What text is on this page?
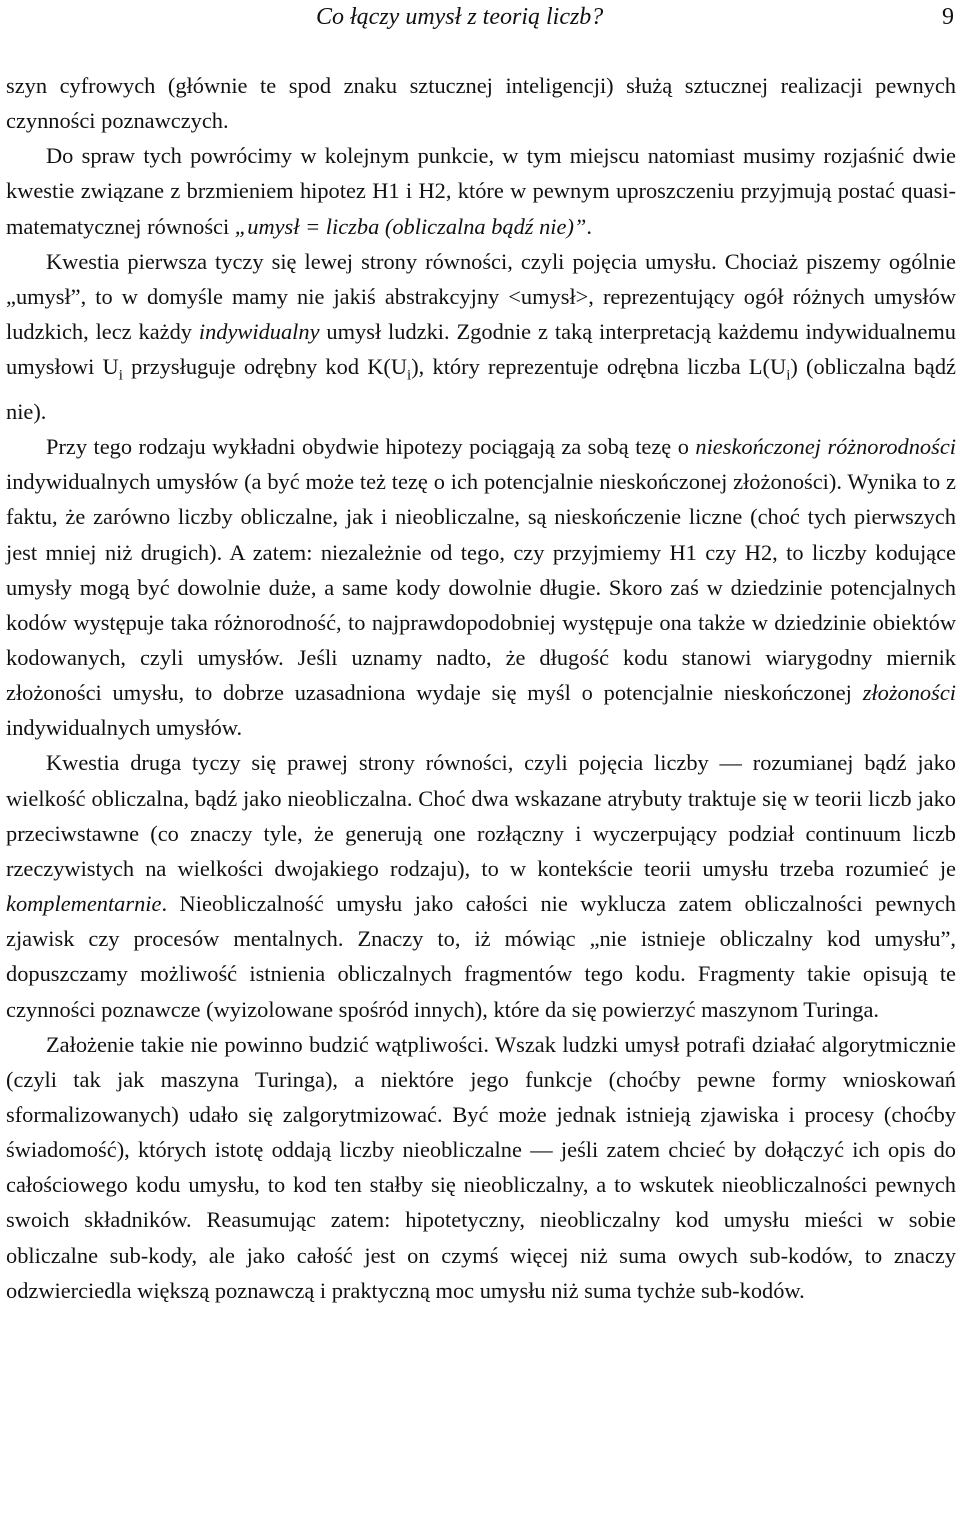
Co łączy umysł z teorią liczb?	9

szyn cyfrowych (głównie te spod znaku sztucznej inteligencji) służą sztucznej realizacji pewnych czynności poznawczych.

Do spraw tych powrócimy w kolejnym punkcie, w tym miejscu natomiast musimy rozjaśnić dwie kwestie związane z brzmieniem hipotez H1 i H2, które w pewnym uproszczeniu przyjmują postać quasi-matematycznej równości „umysł = liczba (obliczalna bądź nie)”.

Kwestia pierwsza tyczy się lewej strony równości, czyli pojęcia umysłu. Chociaż piszemy ogólnie „umysł”, to w domyśle mamy nie jakiś abstrakcyjny <umysł>, reprezentujący ogół różnych umysłów ludzkich, lecz każdy indywidualny umysł ludzki. Zgodnie z taką interpretacją każdemu indywidualnemu umysłowi $U_i$ przysługuje odrębny kod $K(U_i)$, który reprezentuje odrębna liczba $L(U_i)$ (obliczalna bądź nie).

Przy tego rodzaju wykładni obydwie hipotezy pociągają za sobą tezę o nieskończonej różnorodności indywidualnych umysłów (a być może też tezę o ich potencjalnie nieskończonej złożoności). Wynika to z faktu, że zarówno liczby obliczalne, jak i nieobliczalne, są nieskończenie liczne (choć tych pierwszych jest mniej niż drugich). A zatem: niezależnie od tego, czy przyjmiemy H1 czy H2, to liczby kodujące umysły mogą być dowolnie duże, a same kody dowolnie długie. Skoro zaś w dziedzinie potencjalnych kodów występuje taka różnorodność, to najprawdopodobniej występuje ona także w dziedzinie obiektów kodowanych, czyli umysłów. Jeśli uznamy nadto, że długość kodu stanowi wiarygodny miernik złożoności umysłu, to dobrze uzasadniona wydaje się myśl o potencjalnie nieskończonej złożoności indywidualnych umysłów.

Kwestia druga tyczy się prawej strony równości, czyli pojęcia liczby — rozumianej bądź jako wielkość obliczalna, bądź jako nieobliczalna. Choć dwa wskazane atrybuty traktuje się w teorii liczb jako przeciwstawne (co znaczy tyle, że generują one rozłączny i wyczerpujący podział continuum liczb rzeczywistych na wielkości dwojakiego rodzaju), to w kontekście teorii umysłu trzeba rozumieć je komplementarnie. Nieobliczalność umysłu jako całości nie wyklucza zatem obliczalności pewnych zjawisk czy procesów mentalnych. Znaczy to, iż mówiąc „nie istnieje obliczalny kod umysłu”, dopuszczamy możliwość istnienia obliczalnych fragmentów tego kodu. Fragmenty takie opisują te czynności poznawcze (wyizolowane spośród innych), które da się powierzyć maszynom Turinga.

Założenie takie nie powinno budzić wątpliwości. Wszak ludzki umysł potrafi działać algorytmicznie (czyli tak jak maszyna Turinga), a niektóre jego funkcje (choćby pewne formy wnioskowań sformalizowanych) udało się zalgorytmizować. Być może jednak istnieją zjawiska i procesy (choćby świadomość), których istotę oddają liczby nieobliczalne — jeśli zatem chcieć by dołączyć ich opis do całościowego kodu umysłu, to kod ten stałby się nieobliczalny, a to wskutek nieobliczalności pewnych swoich składników. Reasumując zatem: hipotetyczny, nieobliczalny kod umysłu mieści w sobie obliczalne sub-kody, ale jako całość jest on czymś więcej niż suma owych sub-kodów, to znaczy odzwierciedla większą poznawczą i praktyczną moc umysłu niż suma tychże sub-kodów.
